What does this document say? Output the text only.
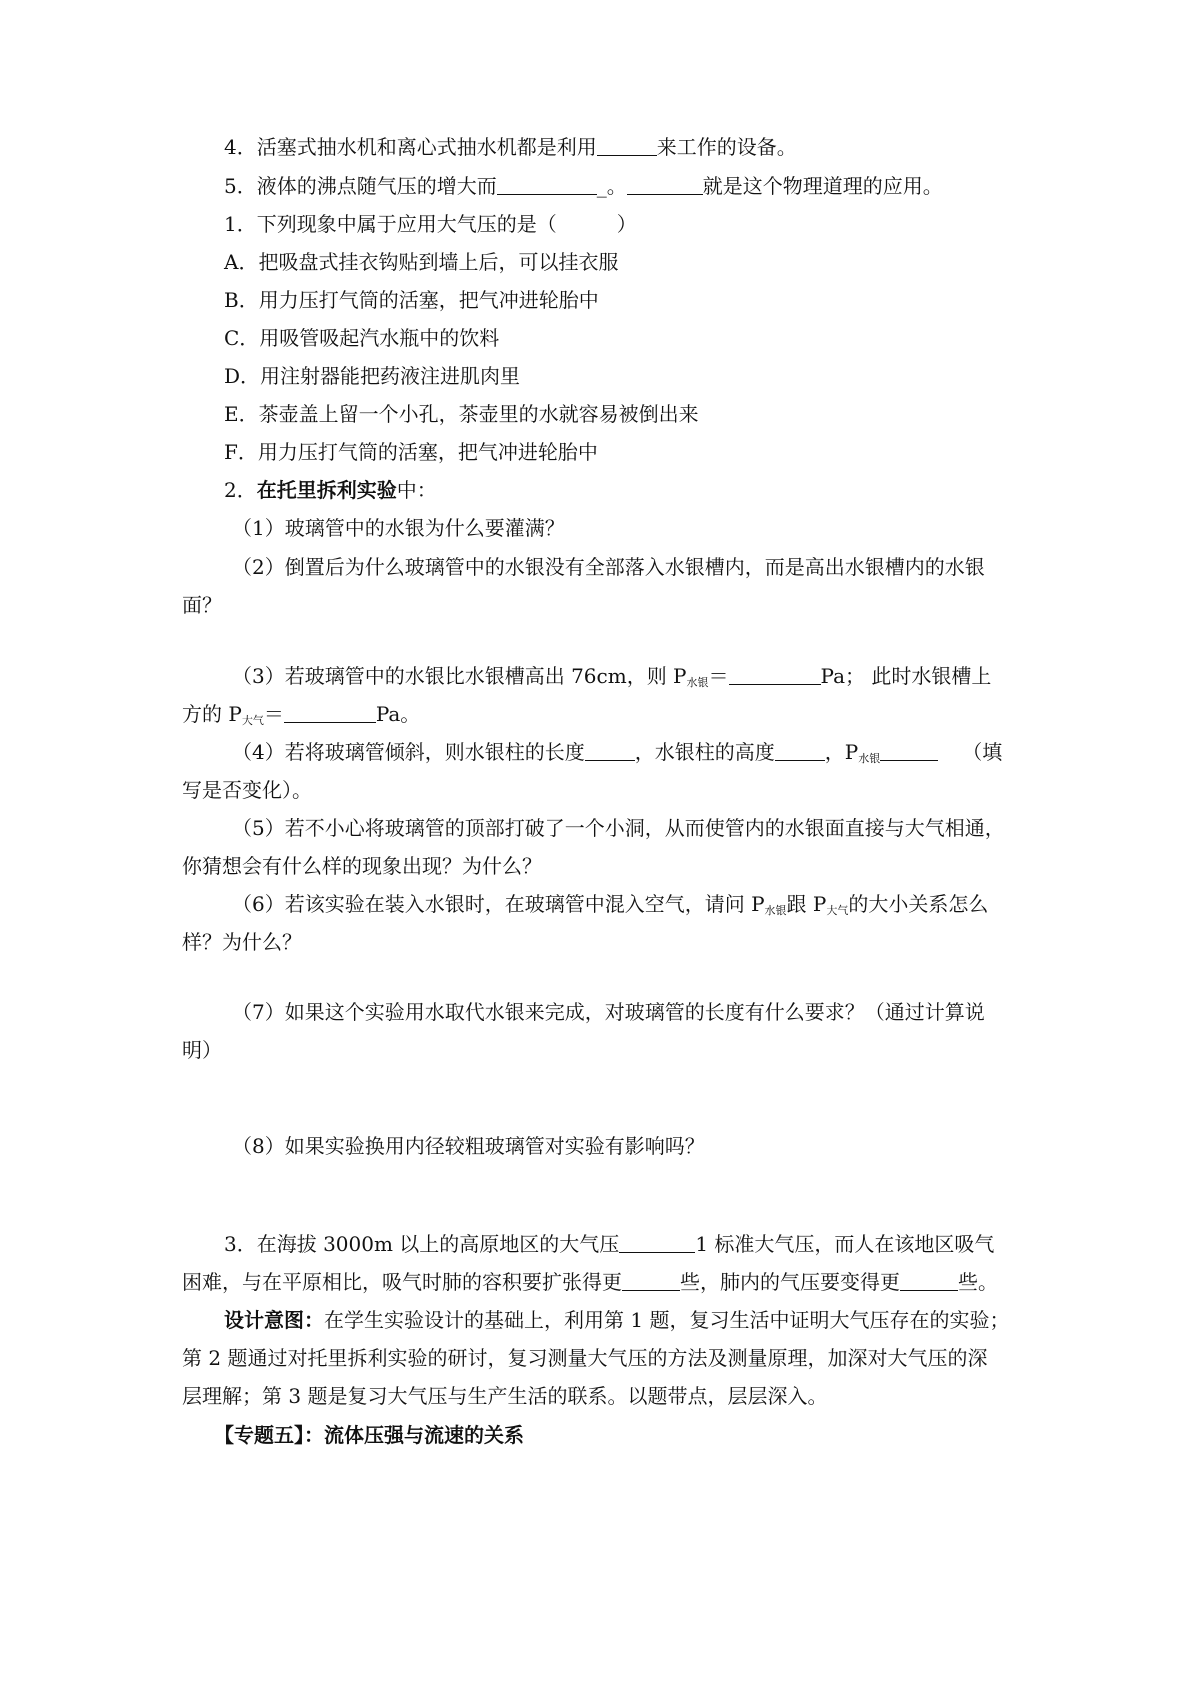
4．活塞式抽水机和离心式抽水机都是利用	来工作的设备。
5．液体的沸点随气压的增大而	_。	就是这个物理道理的应用。
1．下列现象中属于应用大气压的是（　　　）
A．把吸盘式挂衣钩贴到墙上后，可以挂衣服
B．用力压打气筒的活塞，把气冲进轮胎中
C．用吸管吸起汽水瓶中的饮料
D．用注射器能把药液注进肌肉里
E．茶壶盖上留一个小孔，茶壶里的水就容易被倒出来
F．用力压打气筒的活塞，把气冲进轮胎中
2．在托里拆利实验中：
（1）玻璃管中的水银为什么要灌满？
（2）倒置后为什么玻璃管中的水银没有全部落入水银槽内，而是高出水银槽内的水银
面？
（3）若玻璃管中的水银比水银槽高出 76cm，则 $P_{水银}=$	Pa； 此时水银槽上
方的 $P_{大气}=$	Pa。
（4）若将玻璃管倾斜，则水银柱的长度	，水银柱的高度	，$P_{水银}$	（填
写是否变化）。
（5）若不小心将玻璃管的顶部打破了一个小洞，从而使管内的水银面直接与大气相通，
你猜想会有什么样的现象出现？为什么？
（6）若该实验在装入水银时，在玻璃管中混入空气，请问 $P_{水银}$跟 $P_{大气}$的大小关系怎么
样？为什么？
（7）如果这个实验用水取代水银来完成，对玻璃管的长度有什么要求？（通过计算说
明）
（8）如果实验换用内径较粗玻璃管对实验有影响吗？
3．在海拔 3000m 以上的高原地区的大气压	1 标准大气压，而人在该地区吸气
困难，与在平原相比，吸气时肺的容积要扩张得更	些，肺内的气压要变得更	些。
设计意图：在学生实验设计的基础上，利用第 1 题，复习生活中证明大气压存在的实验；
第 2 题通过对托里拆利实验的研讨，复习测量大气压的方法及测量原理，加深对大气压的深
层理解；第 3 题是复习大气压与生产生活的联系。以题带点，层层深入。
【专题五】：流体压强与流速的关系
